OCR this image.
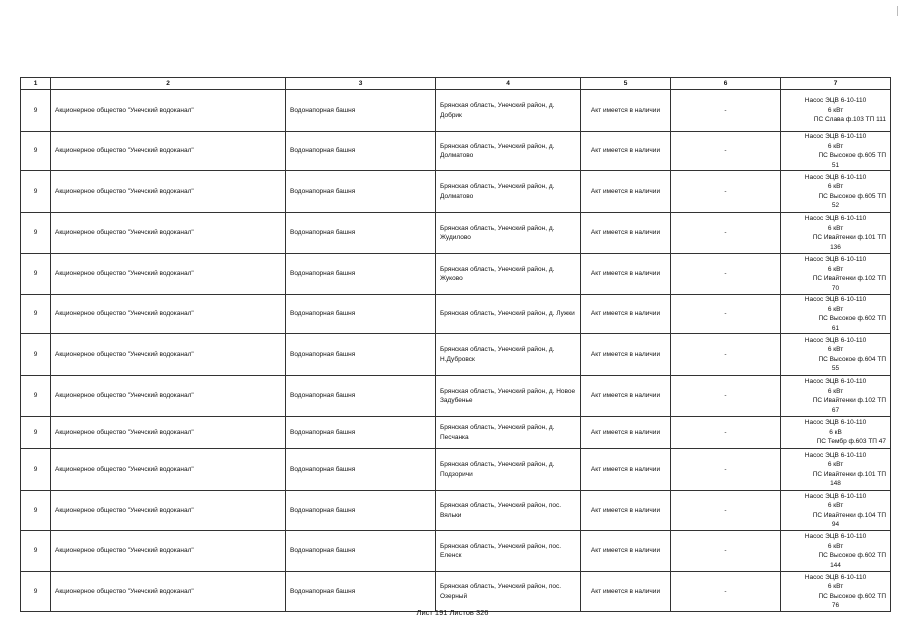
1	2	3	4	5	6	7
9	Акционерное общество "Унечский водоканал"	Водонапорная башня	Брянская область, Унечский район, д. Добрик	Акт имеется в наличии	-	Насос ЭЦВ 6-10-110
6 кВт
ПС Слава ф.103 ТП 111

9	Акционерное общество "Унечский водоканал"	Водонапорная башня	Брянская область, Унечский район, д. Долматово	Акт имеется в наличии	-	Насос ЭЦВ 6-10-110
6 кВт
ПС Высокое ф.605 ТП
51

9	Акционерное общество "Унечский водоканал"	Водонапорная башня	Брянская область, Унечский район, д. Долматово	Акт имеется в наличии	-	Насос ЭЦВ 6-10-110
6 кВт
ПС Высокое ф.605 ТП
52

9	Акционерное общество "Унечский водоканал"	Водонапорная башня	Брянская область, Унечский район, д. Жудилово	Акт имеется в наличии	-	Насос ЭЦВ 6-10-110
6 кВт
ПС Ивайтенки ф.101 ТП
136

9	Акционерное общество "Унечский водоканал"	Водонапорная башня	Брянская область, Унечский район, д. Жуково	Акт имеется в наличии	-	Насос ЭЦВ 6-10-110
6 кВт
ПС Ивайтенки ф.102 ТП
70

9	Акционерное общество "Унечский водоканал"	Водонапорная башня	Брянская область, Унечский район, д. Лужки	Акт имеется в наличии	-	Насос ЭЦВ 6-10-110
6 кВт
ПС Высокое ф.602 ТП
61

9	Акционерное общество "Унечский водоканал"	Водонапорная башня	Брянская область, Унечский район, д. Н.Дубровск	Акт имеется в наличии	-	Насос ЭЦВ 6-10-110
6 кВт
ПС Высокое ф.604 ТП
55

9	Акционерное общество "Унечский водоканал"	Водонапорная башня	Брянская область, Унечский район, д. Новое Задубенье	Акт имеется в наличии	-	Насос ЭЦВ 6-10-110
6 кВт
ПС Ивайтенки ф.102 ТП
67

9	Акционерное общество "Унечский водоканал"	Водонапорная башня	Брянская область, Унечский район, д. Песчанка	Акт имеется в наличии	-	Насос ЭЦВ 6-10-110
6 кВ
ПС Тембр ф.603 ТП 47

9	Акционерное общество "Унечский водоканал"	Водонапорная башня	Брянская область, Унечский район, д. Подзоричи	Акт имеется в наличии	-	Насос ЭЦВ 6-10-110
6 кВт
ПС Ивайтенки ф.101 ТП
148

9	Акционерное общество "Унечский водоканал"	Водонапорная башня	Брянская область, Унечский район, пос. Вяльки	Акт имеется в наличии	-	Насос ЭЦВ 6-10-110
6 кВт
ПС Ивайтенки ф.104 ТП
94

9	Акционерное общество "Унечский водоканал"	Водонапорная башня	Брянская область, Унечский район, пос. Еленск	Акт имеется в наличии	-	Насос ЭЦВ 6-10-110
6 кВт
ПС Высокое ф.602 ТП
144

9	Акционерное общество "Унечский водоканал"	Водонапорная башня	Брянская область, Унечский район, пос. Озерный	Акт имеется в наличии	-	Насос ЭЦВ 6-10-110
6 кВт
ПС Высокое ф.602 ТП
76
Лист 191 Листов 326
